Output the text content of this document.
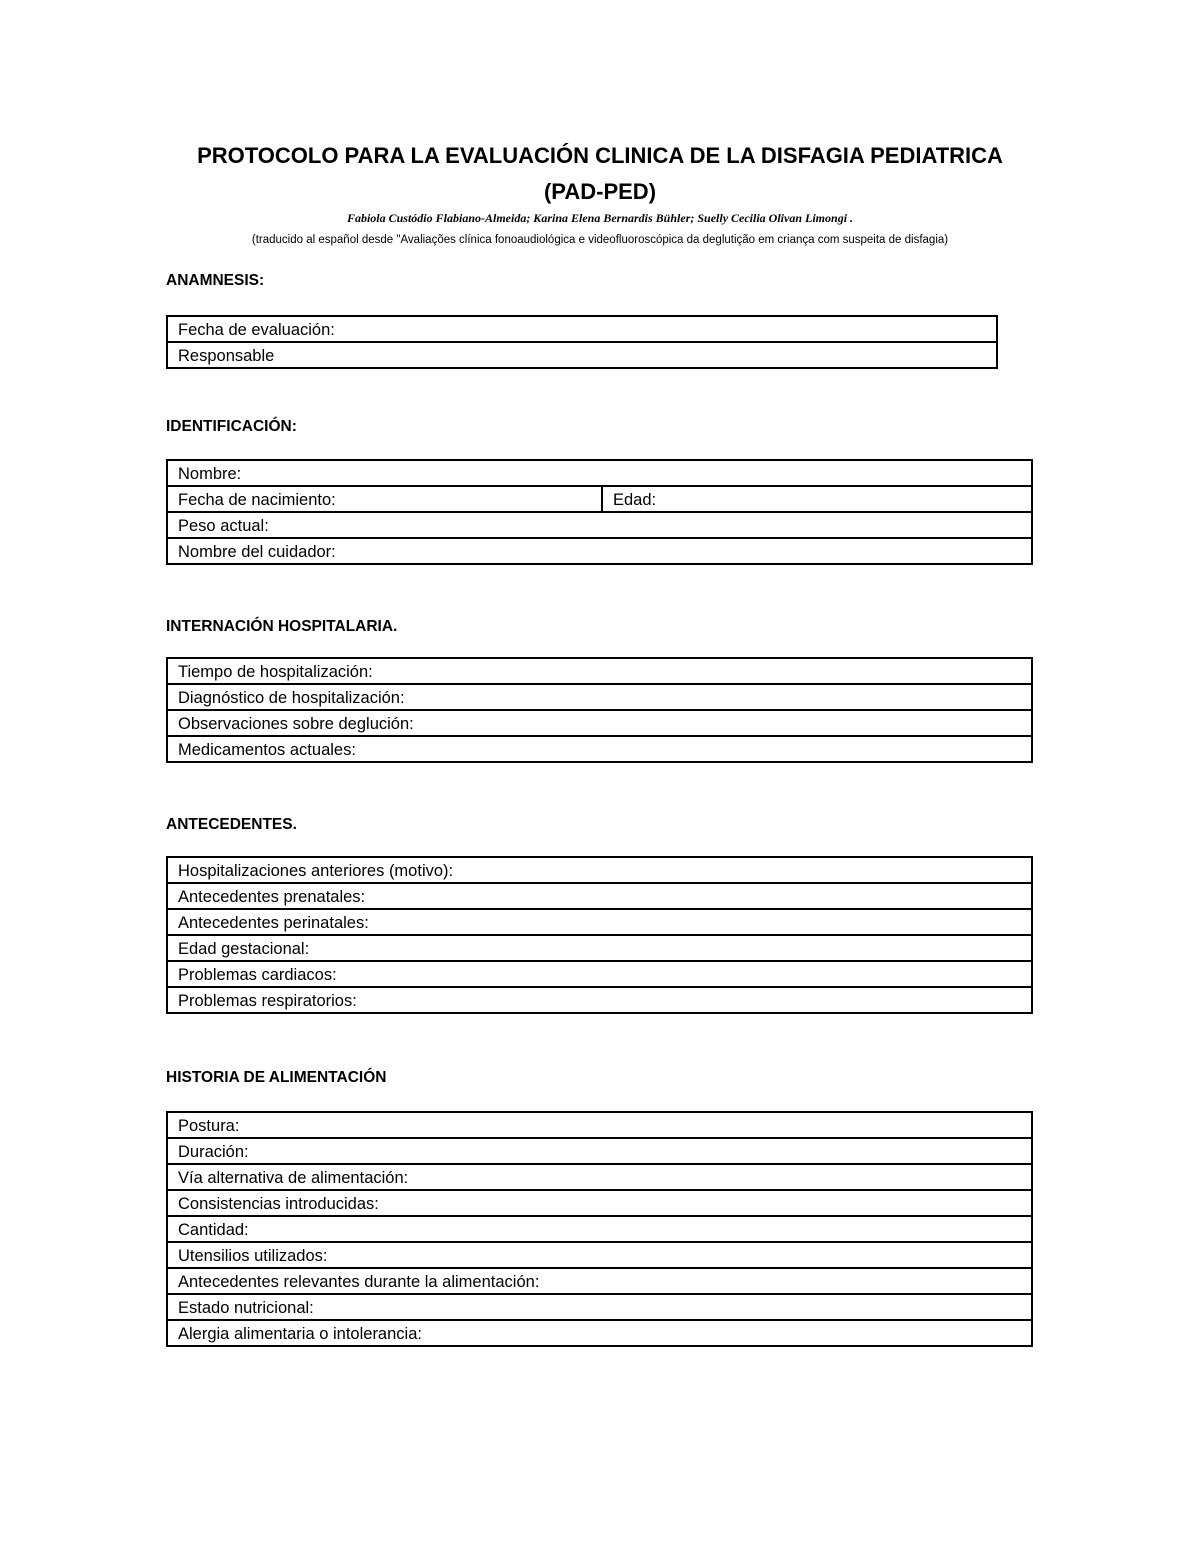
PROTOCOLO PARA LA EVALUACIÓN CLINICA DE LA DISFAGIA PEDIATRICA
(PAD-PED)
Fabiola Custódio Flabiano-Almeida; Karina Elena Bernardis Bühler; Suelly Cecilia Olivan Limongi .
(traducido al español desde "Avaliações clínica fonoaudiológica e videofluoroscópica da deglutição em criança com suspeita de disfagia)
ANAMNESIS:
Fecha de evaluación:
Responsable
IDENTIFICACIÓN:
Nombre:
Fecha de nacimiento:	Edad:
Peso actual:
Nombre del cuidador:
INTERNACIÓN HOSPITALARIA.
Tiempo de hospitalización:
Diagnóstico de hospitalización:
Observaciones sobre deglución:
Medicamentos actuales:
ANTECEDENTES.
Hospitalizaciones anteriores (motivo):
Antecedentes prenatales:
Antecedentes perinatales:
Edad gestacional:
Problemas cardiacos:
Problemas respiratorios:
HISTORIA DE ALIMENTACIÓN
Postura:
Duración:
Vía alternativa de alimentación:
Consistencias introducidas:
Cantidad:
Utensilios utilizados:
Antecedentes relevantes durante la alimentación:
Estado nutricional:
Alergia alimentaria o intolerancia:
